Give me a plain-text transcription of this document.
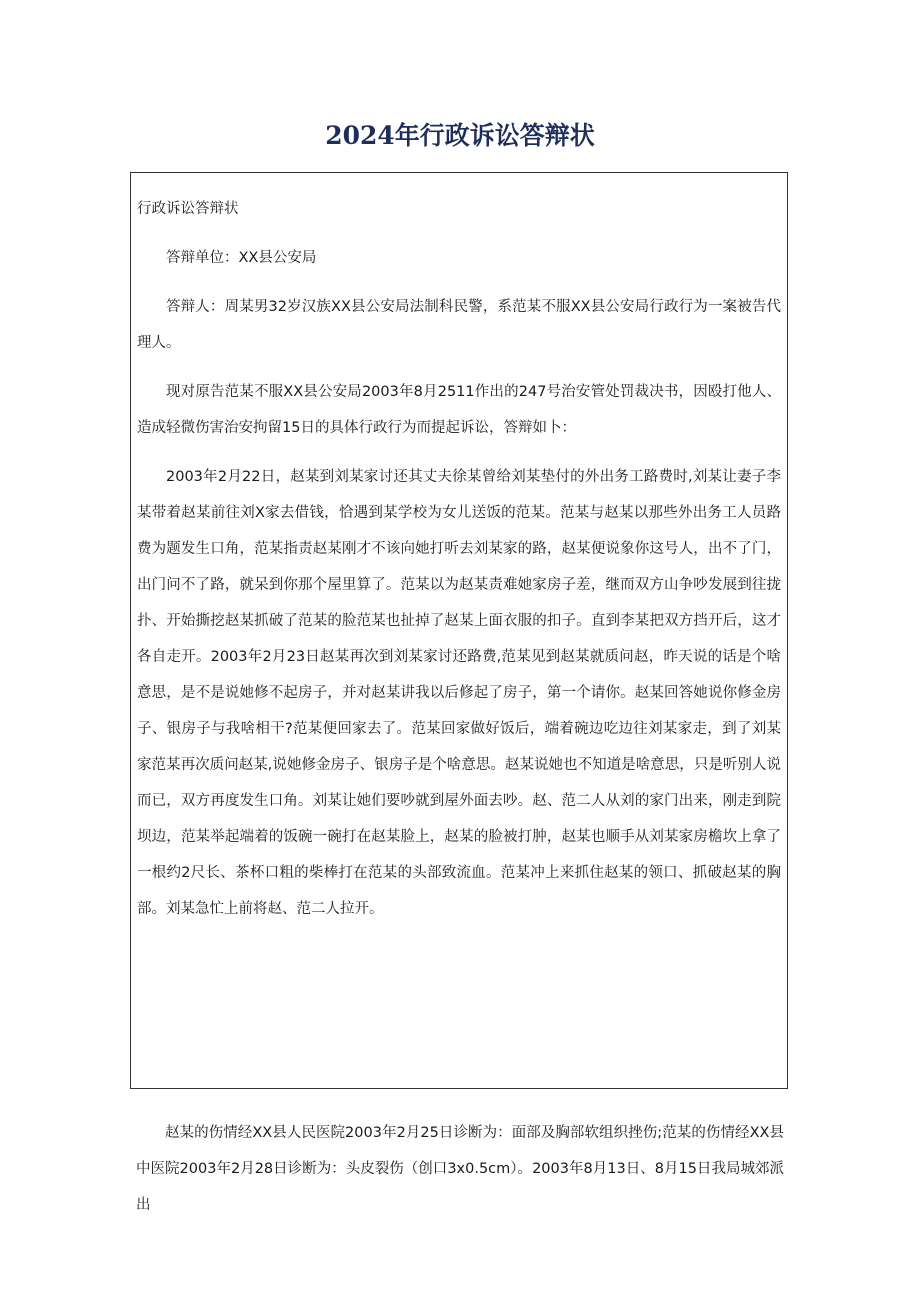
2024年行政诉讼答辩状

行政诉讼答辩状

答辩单位：XX县公安局

答辩人：周某男32岁汉族XX县公安局法制科民警，系范某不服XX县公安局行政行为一案被告代理人。

现对原告范某不服XX县公安局2003年8月2511作出的247号治安管处罚裁决书，因殴打他人、造成轻微伤害治安拘留15日的具体行政行为而提起诉讼，答辩如卜：

2003年2月22日，赵某到刘某家讨还其丈夫徐某曾给刘某垫付的外出务工路费时,刘某让妻子李某带着赵某前往刘X家去借钱，恰遇到某学校为女儿送饭的范某。范某与赵某以那些外出务工人员路费为题发生口角，范某指责赵某刚才不该向她打听去刘某家的路，赵某便说象你这号人，出不了门，出门问不了路，就呆到你那个屋里算了。范某以为赵某责难她家房子差，继而双方山争吵发展到往拢扑、开始撕挖赵某抓破了范某的脸范某也扯掉了赵某上面衣服的扣子。直到李某把双方挡开后，这才各自走开。2003年2月23日赵某再次到刘某家讨还路费,范某见到赵某就质问赵，昨天说的话是个啥意思，是不是说她修不起房子，并对赵某讲我以后修起了房子，第一个请你。赵某回答她说你修金房子、银房子与我啥相干?范某便回家去了。范某回家做好饭后，端着碗边吃边往刘某家走，到了刘某家范某再次质问赵某,说她修金房子、银房子是个啥意思。赵某说她也不知道是啥意思，只是听别人说而已，双方再度发生口角。刘某让她们要吵就到屋外面去吵。赵、范二人从刘的家门出来，刚走到院坝边，范某举起端着的饭碗一碗打在赵某脸上，赵某的脸被打肿，赵某也顺手从刘某家房檐坎上拿了一根约2尺长、茶杯口粗的柴棒打在范某的头部致流血。范某冲上来抓住赵某的领口、抓破赵某的胸部。刘某急忙上前将赵、范二人拉开。

赵某的伤情经XX县人民医院2003年2月25日诊断为：面部及胸部软组织挫伤;范某的伤情经XX县中医院2003年2月28日诊断为：头皮裂伤（创口3x0.5cm）。2003年8月13日、8月15日我局城郊派出
